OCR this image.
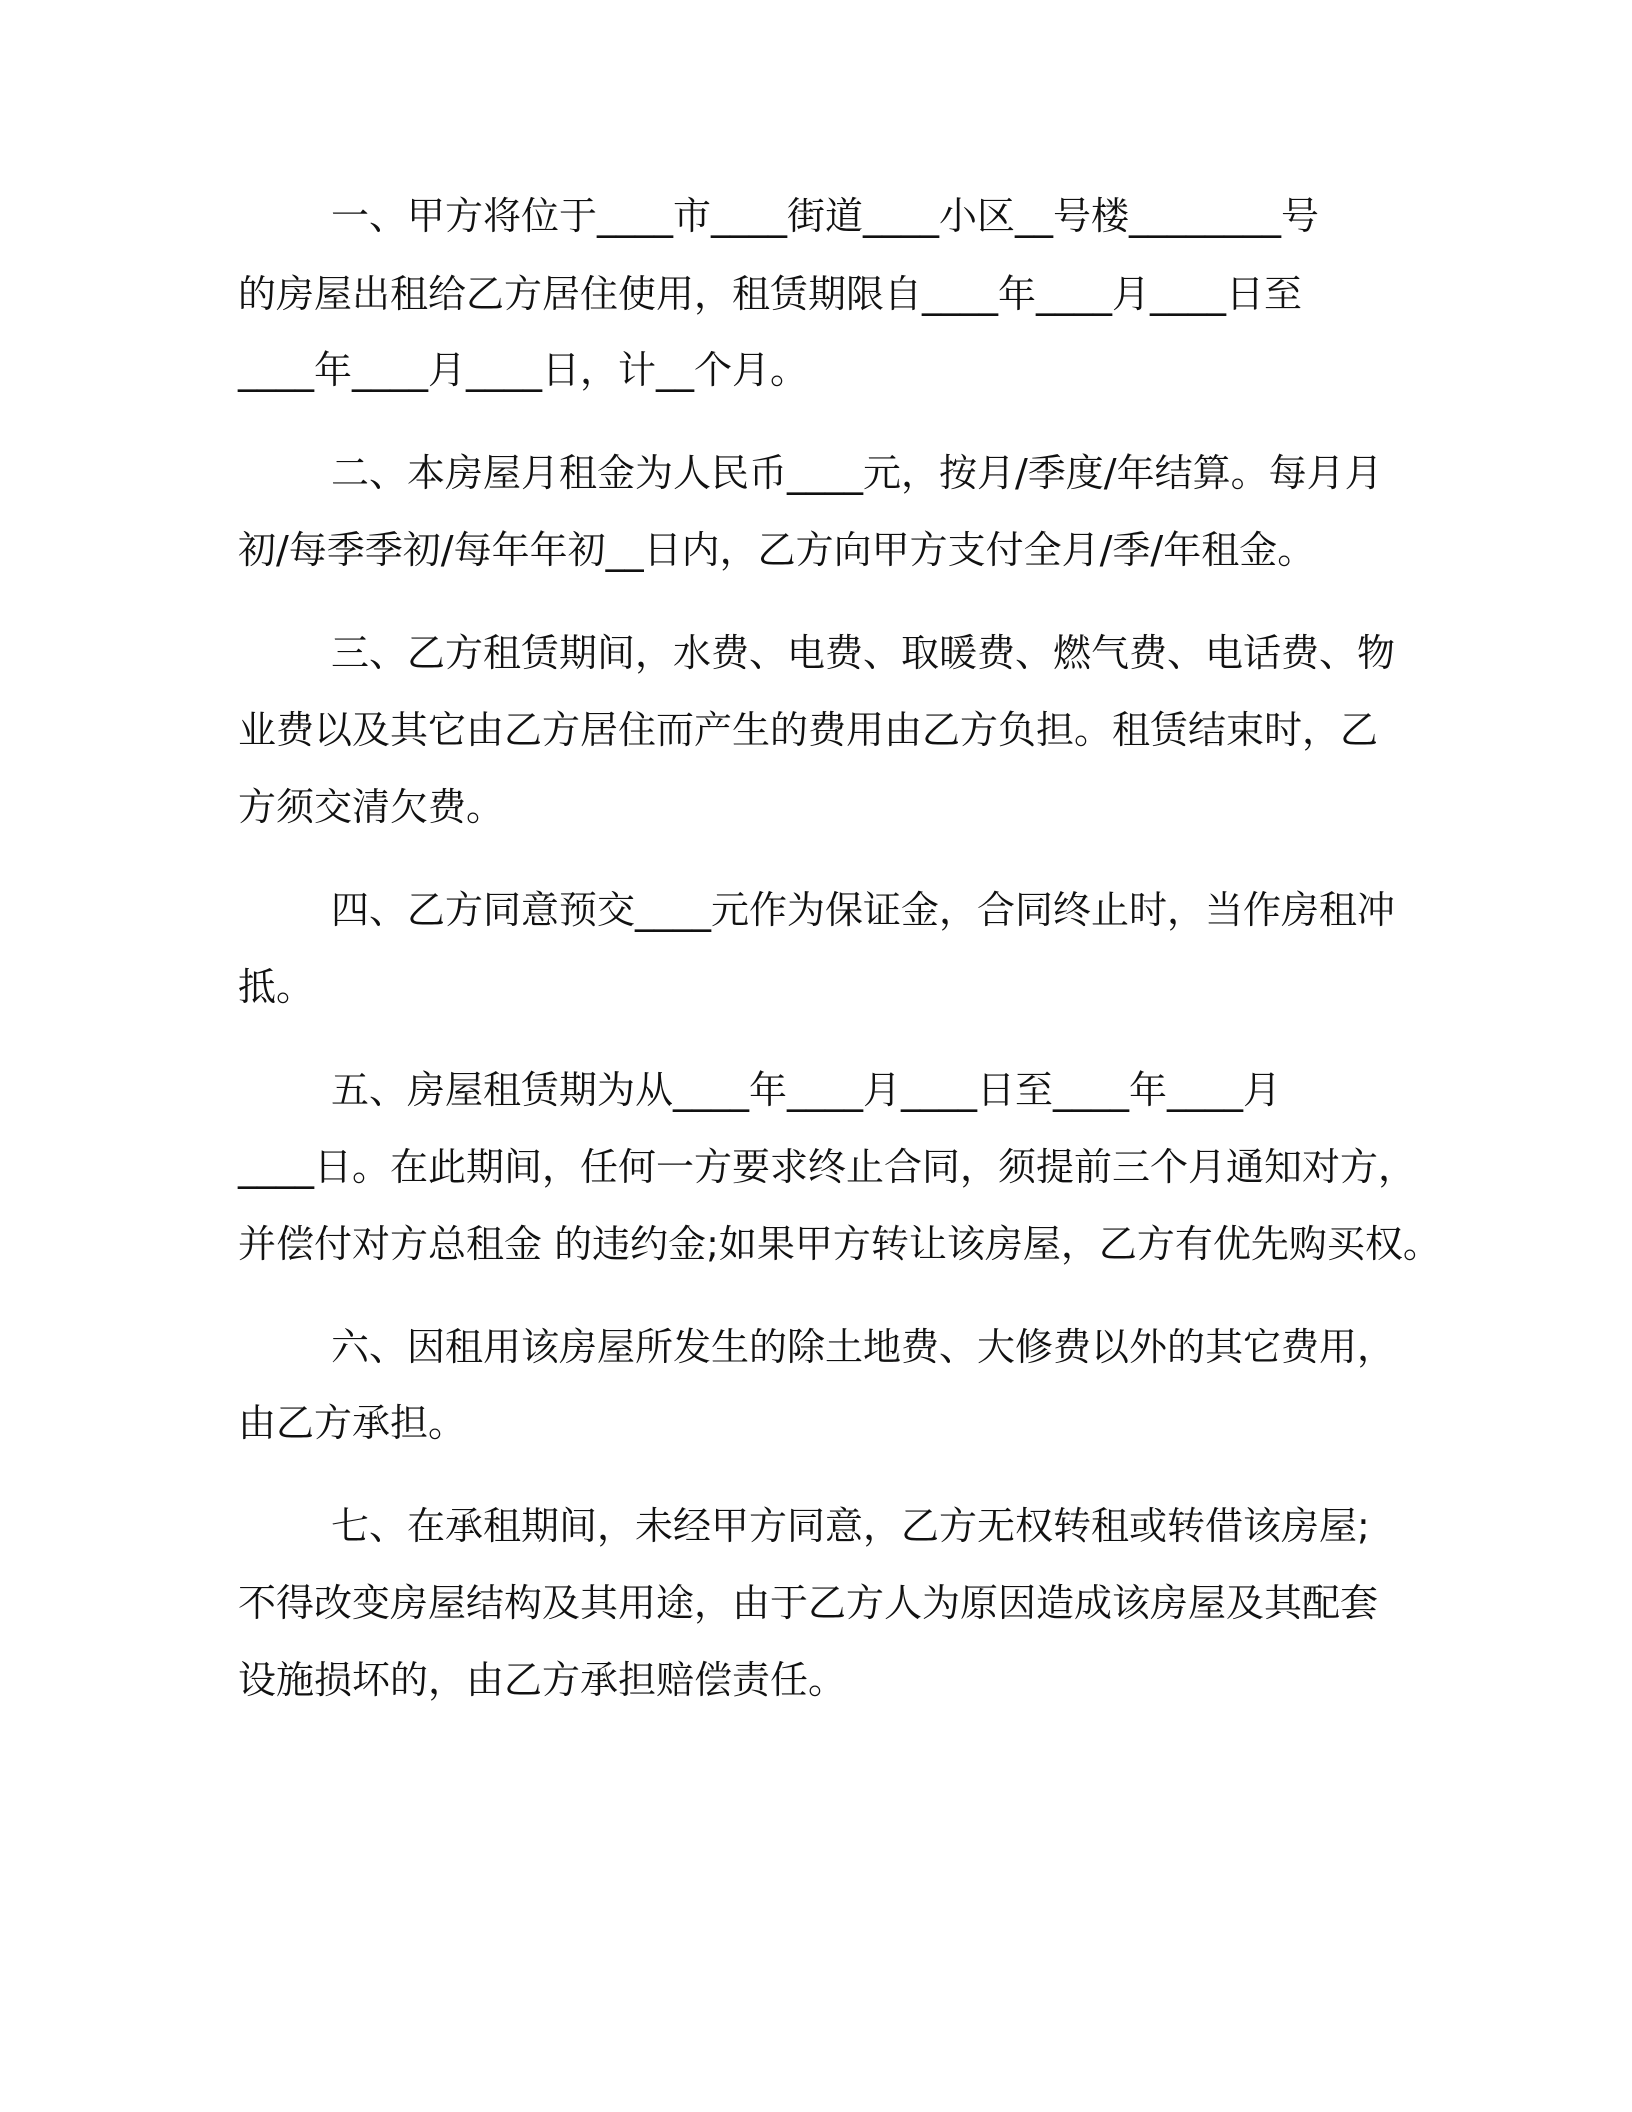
一、甲方将位于____市____街道____小区__号楼________号
的房屋出租给乙方居住使用，租赁期限自____年____月____日至
____年____月____日，计__个月。
二、本房屋月租金为人民币____元，按月/季度/年结算。每月月
初/每季季初/每年年初__日内，乙方向甲方支付全月/季/年租金。
三、乙方租赁期间，水费、电费、取暖费、燃气费、电话费、物
业费以及其它由乙方居住而产生的费用由乙方负担。租赁结束时，乙
方须交清欠费。
四、乙方同意预交____元作为保证金，合同终止时，当作房租冲
抵。
五、房屋租赁期为从____年____月____日至____年____月
____日。在此期间，任何一方要求终止合同，须提前三个月通知对方，
并偿付对方总租金 的违约金;如果甲方转让该房屋，乙方有优先购买权。
六、因租用该房屋所发生的除土地费、大修费以外的其它费用，
由乙方承担。
七、在承租期间，未经甲方同意，乙方无权转租或转借该房屋;
不得改变房屋结构及其用途，由于乙方人为原因造成该房屋及其配套
设施损坏的，由乙方承担赔偿责任。
